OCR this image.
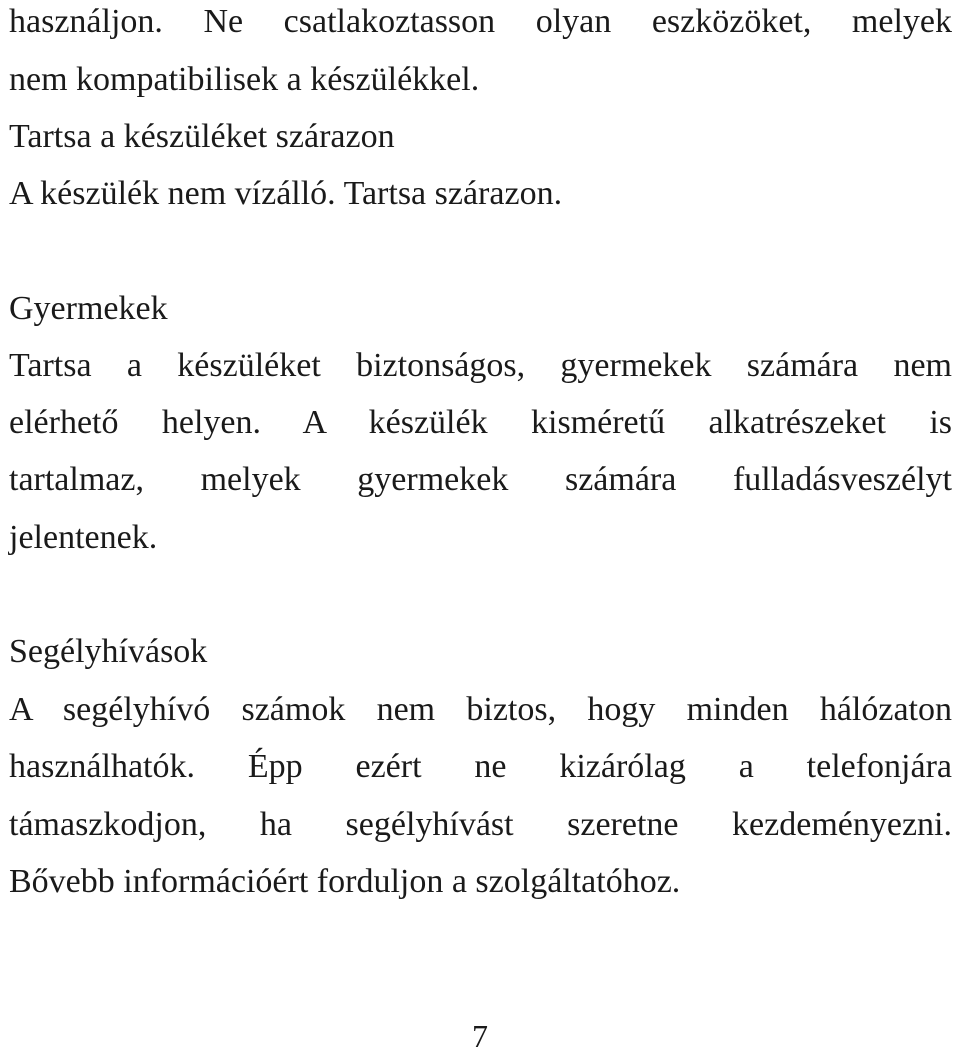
használjon. Ne csatlakoztasson olyan eszközöket, melyek
nem kompatibilisek a készülékkel.
Tartsa a készüléket szárazon
A készülék nem vízálló. Tartsa szárazon.
Gyermekek
Tartsa a készüléket biztonságos, gyermekek számára nem
elérhető helyen. A készülék kisméretű alkatrészeket is
tartalmaz, melyek gyermekek számára fulladásveszélyt
jelentenek.
Segélyhívások
A segélyhívó számok nem biztos, hogy minden hálózaton
használhatók. Épp ezért ne kizárólag a telefonjára
támaszkodjon, ha segélyhívást szeretne kezdeményezni.
Bővebb információért forduljon a szolgáltatóhoz.
7
